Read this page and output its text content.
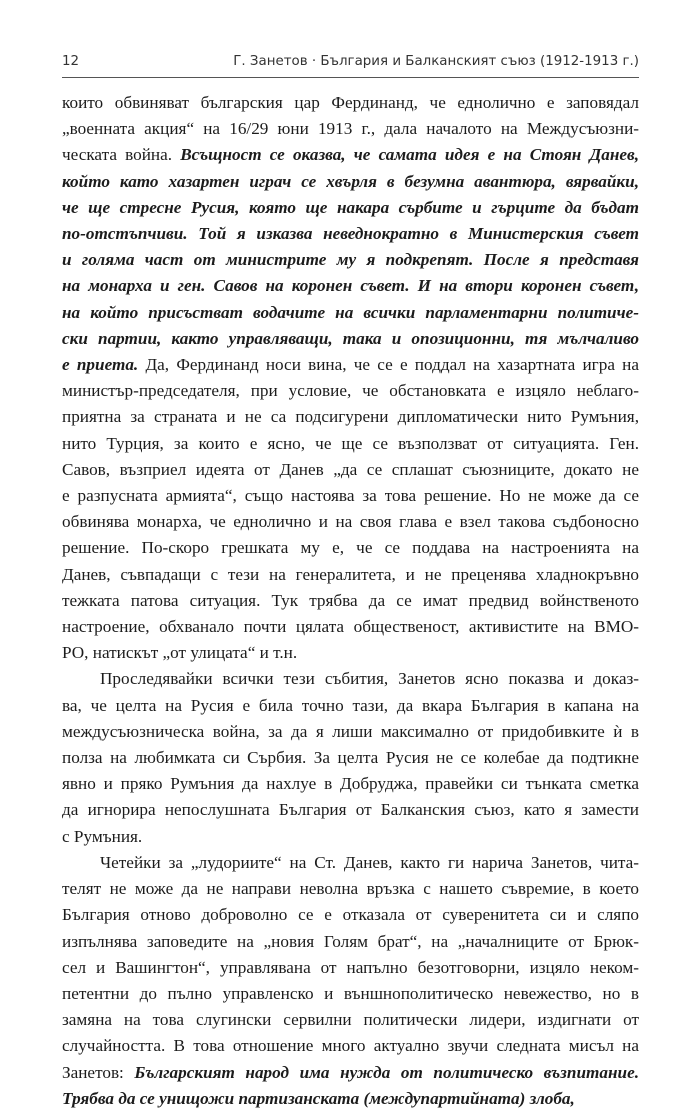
12	Г. Занетов · България и Балканският съюз (1912-1913 г.)

които обвиняват българския цар Фердинанд, че еднолично е заповядал

„военната акция“ на 16/29 юни 1913 г., дала началото на Междусъюзни-

ческата война. Всъщност се оказва, че самата идея е на Стоян Данев,

който като хазартен играч се хвърля в безумна авантюра, вярвайки,

че ще стресне Русия, която ще накара сърбите и гърците да бъдат

по-отстъпчиви. Той я изказва неведнократно в Министерския съвет

и голяма част от министрите му я подкрепят. После я представя

на монарха и ген. Савов на коронен съвет. И на втори коронен съвет,

на който присъстват водачите на всички парламентарни политиче-

ски партии, както управляващи, така и опозиционни, тя мълчаливо

е приета. Да, Фердинанд носи вина, че се е поддал на хазартната игра на

министър-председателя, при условие, че обстановката е изцяло неблаго-

приятна за страната и не са подсигурени дипломатически нито Румъния,

нито Турция, за които е ясно, че ще се възползват от ситуацията. Ген.

Савов, възприел идеята от Данев „да се сплашат съюзниците, докато не

е разпусната армията“, също настоява за това решение. Но не може да се

обвинява монарха, че еднолично и на своя глава е взел такова съдбоносно

решение. По-скоро грешката му е, че се поддава на настроенията на

Данев, съвпадащи с тези на генералитета, и не преценява хладнокръвно

тежката патова ситуация. Тук трябва да се имат предвид войнственото

настроение, обхванало почти цялата общественост, активистите на ВМО-

РО, натискът „от улицата“ и т.н.

Проследявайки всички тези събития, Занетов ясно показва и доказ-

ва, че целта на Русия е била точно тази, да вкара България в капана на

междусъюзническа война, за да я лиши максимално от придобивките ѝ в

полза на любимката си Сърбия. За целта Русия не се колебае да подтикне

явно и пряко Румъния да нахлуе в Добруджа, правейки си тънката сметка

да игнорира непослушната България от Балканския съюз, като я замести

с Румъния.

Четейки за „лудориите“ на Ст. Данев, както ги нарича Занетов, чита-

телят не може да не направи неволна връзка с нашето съвремие, в което

България отново доброволно се е отказала от суверенитета си и сляпо

изпълнява заповедите на „новия Голям брат“, на „началниците от Брюк-

сел и Вашингтон“, управлявана от напълно безотговорни, изцяло неком-

петентни до пълно управленско и външнополитическо невежество, но в

замяна на това слугински сервилни политически лидери, издигнати от

случайността. В това отношение много актуално звучи следната мисъл на

Занетов: Българският народ има нужда от политическо възпитание.

Трябва да се унищожи партизанската (междупартийната) злоба,
